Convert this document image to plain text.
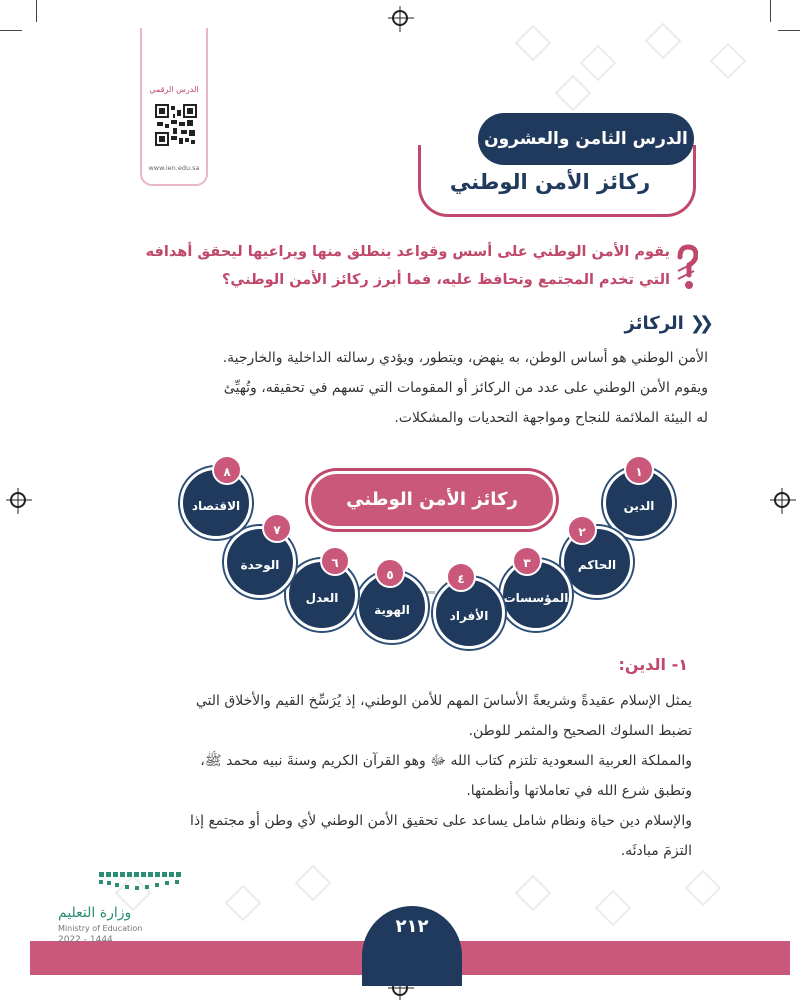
الدرس الرقمي
www.ien.edu.sa
الدرس الثامن والعشرون
ركائز الأمن الوطني
يقوم الأمن الوطني على أسس وقواعد ينطلق منها ويراعيها ليحقق أهدافه التي تخدم المجتمع وتحافظ عليه، فما أبرز ركائز الأمن الوطني؟
❮❮
الركائز
الأمن الوطني هو أساس الوطن، به ينهض، ويتطور، ويؤدي رسالته الداخلية والخارجية.
ويقوم الأمن الوطني على عدد من الركائز أو المقومات التي تسهم في تحقيقه، وتُهيِّئ
له البيئة الملائمة للنجاح ومواجهة التحديات والمشكلات.
ركائز الأمن الوطني	الدين
١
الحاكم
٢
المؤسسات
٣
الأفراد
٤
الهوية
٥
العدل
٦
الوحدة
٧
الاقتصاد
٨
١- الدين:
يمثل الإسلام عقيدةً وشريعةً الأساسَ المهم للأمن الوطني، إذ يُرَسِّخ القيم والأخلاق التي
تضبط السلوك الصحيح والمثمر للوطن.
والمملكة العربية السعودية تلتزم كتاب الله ﷻ وهو القرآن الكريم وسنةَ نبيه محمد ﷺ،
وتطبق شرع الله في تعاملاتها وأنظمتها.
والإسلام دين حياة ونظام شامل يساعد على تحقيق الأمن الوطني لأي وطن أو مجتمع إذا
التزمَ مبادئَه.
٢١٢
وزارة التعليم
Ministry of Education
2022 - 1444
